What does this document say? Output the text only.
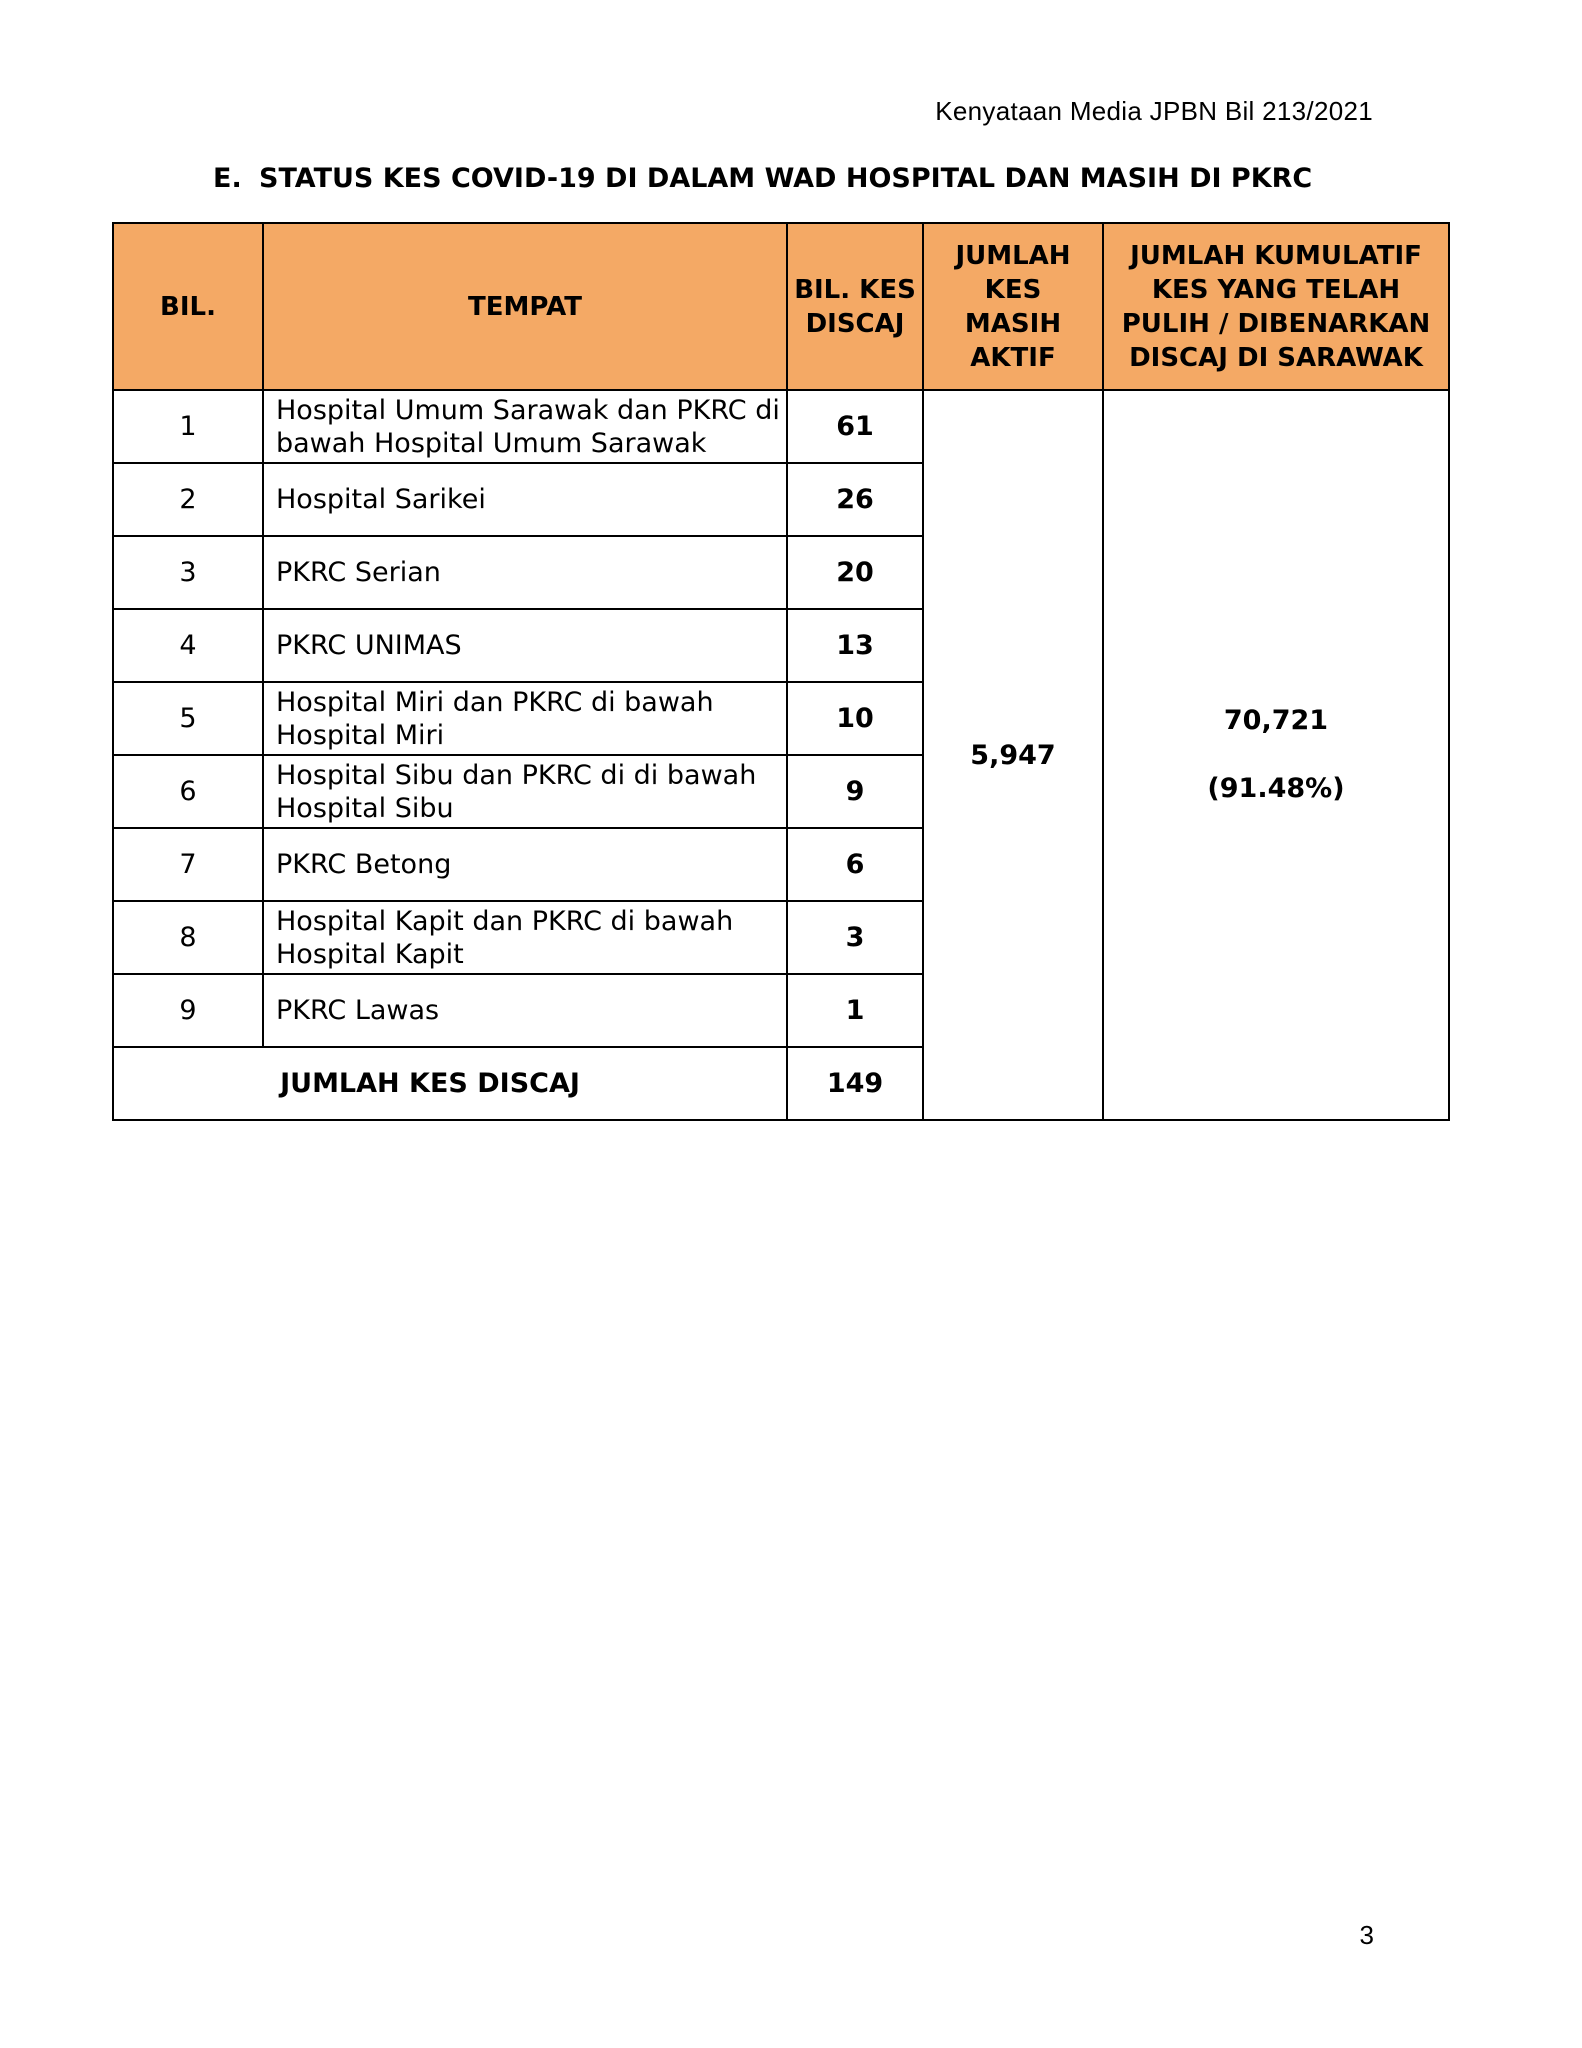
Kenyataan Media JPBN Bil 213/2021
E. STATUS KES COVID-19 DI DALAM WAD HOSPITAL DAN MASIH DI PKRC
BIL.	TEMPAT	BIL. KES DISCAJ	JUMLAH KES MASIH AKTIF	JUMLAH KUMULATIF KES YANG TELAH PULIH / DIBENARKAN DISCAJ DI SARAWAK
1	Hospital Umum Sarawak dan PKRC di bawah Hospital Umum Sarawak	61	5,947	70,721
(91.48%)

2	Hospital Sarikei	26		
3	PKRC Serian	20		
4	PKRC UNIMAS	13		
5	Hospital Miri dan PKRC di bawah Hospital Miri	10		
6	Hospital Sibu dan PKRC di di bawah Hospital Sibu	9		
7	PKRC Betong	6		
8	Hospital Kapit dan PKRC di bawah Hospital Kapit	3		
9	PKRC Lawas	1		
JUMLAH KES DISCAJ		149		
3
